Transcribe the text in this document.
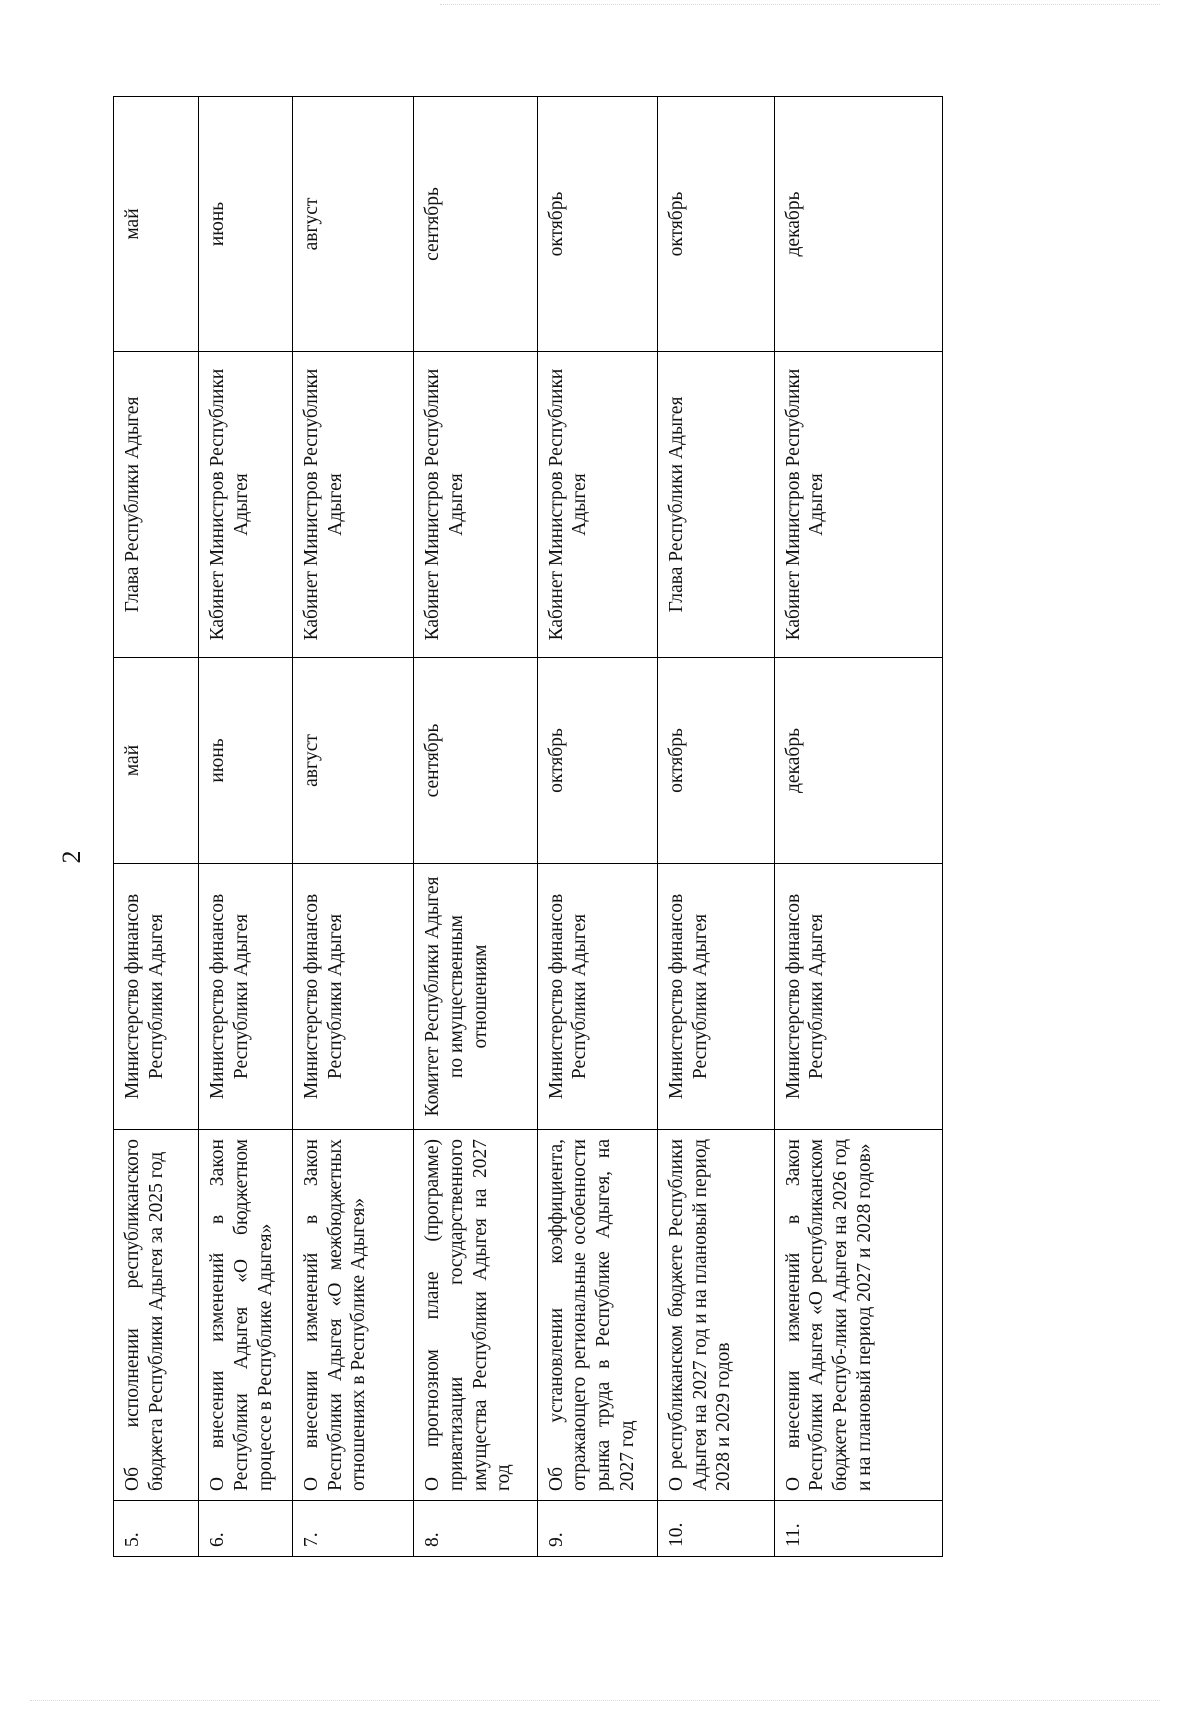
2
5.	Об исполнении республиканского бюджета Республики Адыгея за 2025 год	Министерство финансов Республики Адыгея	май	Глава Республики Адыгея	май
6.	О внесении изменений в Закон Республики Адыгея «О бюджетном процессе в Республике Адыгея»	Министерство финансов Республики Адыгея	июнь	Кабинет Министров Республики Адыгея	июнь
7.	О внесении изменений в Закон Республики Адыгея «О межбюджетных отношениях в Республике Адыгея»	Министерство финансов Республики Адыгея	август	Кабинет Министров Республики Адыгея	август
8.	О прогнозном плане (программе) приватизации государственного имущества Республики Адыгея на 2027 год	Комитет Республики Адыгея по имущественным отношениям	сентябрь	Кабинет Министров Республики Адыгея	сентябрь
9.	Об установлении коэффициента, отражающего региональные особенности рынка труда в Республике Адыгея, на 2027 год	Министерство финансов Республики Адыгея	октябрь	Кабинет Министров Республики Адыгея	октябрь
10.	О республиканском бюджете Республики Адыгея на 2027 год и на плановый период 2028 и 2029 годов	Министерство финансов Республики Адыгея	октябрь	Глава Республики Адыгея	октябрь
11.	О внесении изменений в Закон Республики Адыгея «О республиканском бюджете Респуб-лики Адыгея на 2026 год и на плановый период 2027 и 2028 годов»	Министерство финансов Республики Адыгея	декабрь	Кабинет Министров Республики Адыгея	декабрь
